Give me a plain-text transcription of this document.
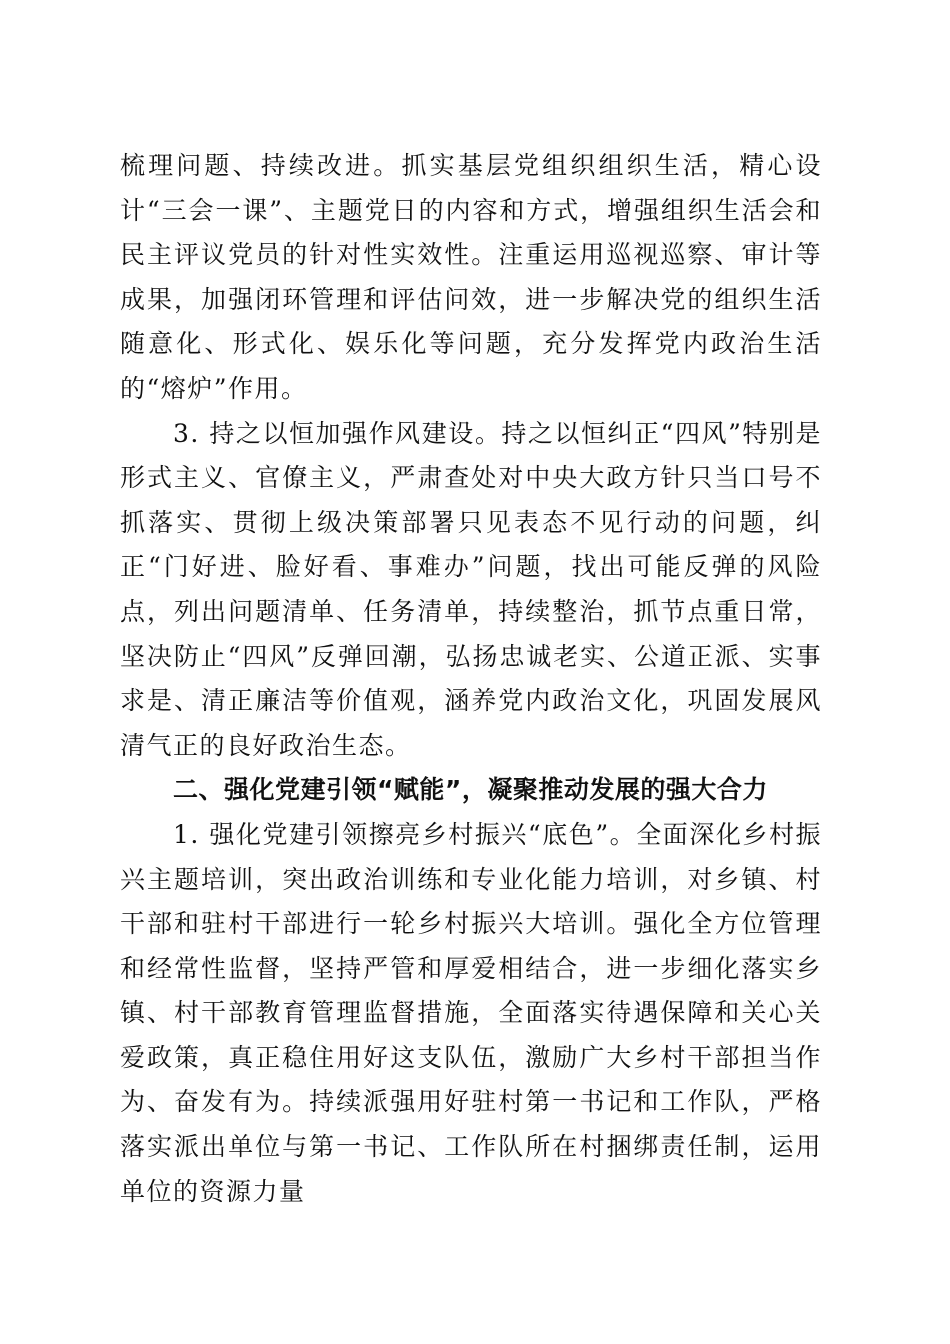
梳理问题、持续改进。抓实基层党组织组织生活，精心设计“三会一课”、主题党日的内容和方式，增强组织生活会和民主评议党员的针对性实效性。注重运用巡视巡察、审计等成果，加强闭环管理和评估问效，进一步解决党的组织生活随意化、形式化、娱乐化等问题，充分发挥党内政治生活的“熔炉”作用。

3. 持之以恒加强作风建设。持之以恒纠正“四风”特别是形式主义、官僚主义，严肃查处对中央大政方针只当口号不抓落实、贯彻上级决策部署只见表态不见行动的问题，纠正“门好进、脸好看、事难办”问题，找出可能反弹的风险点，列出问题清单、任务清单，持续整治，抓节点重日常，坚决防止“四风”反弹回潮，弘扬忠诚老实、公道正派、实事求是、清正廉洁等价值观，涵养党内政治文化，巩固发展风清气正的良好政治生态。

二、强化党建引领“赋能”，凝聚推动发展的强大合力

1. 强化党建引领擦亮乡村振兴“底色”。全面深化乡村振兴主题培训，突出政治训练和专业化能力培训，对乡镇、村干部和驻村干部进行一轮乡村振兴大培训。强化全方位管理和经常性监督，坚持严管和厚爱相结合，进一步细化落实乡镇、村干部教育管理监督措施，全面落实待遇保障和关心关爱政策，真正稳住用好这支队伍，激励广大乡村干部担当作为、奋发有为。持续派强用好驻村第一书记和工作队，严格落实派出单位与第一书记、工作队所在村捆绑责任制，运用单位的资源力量
